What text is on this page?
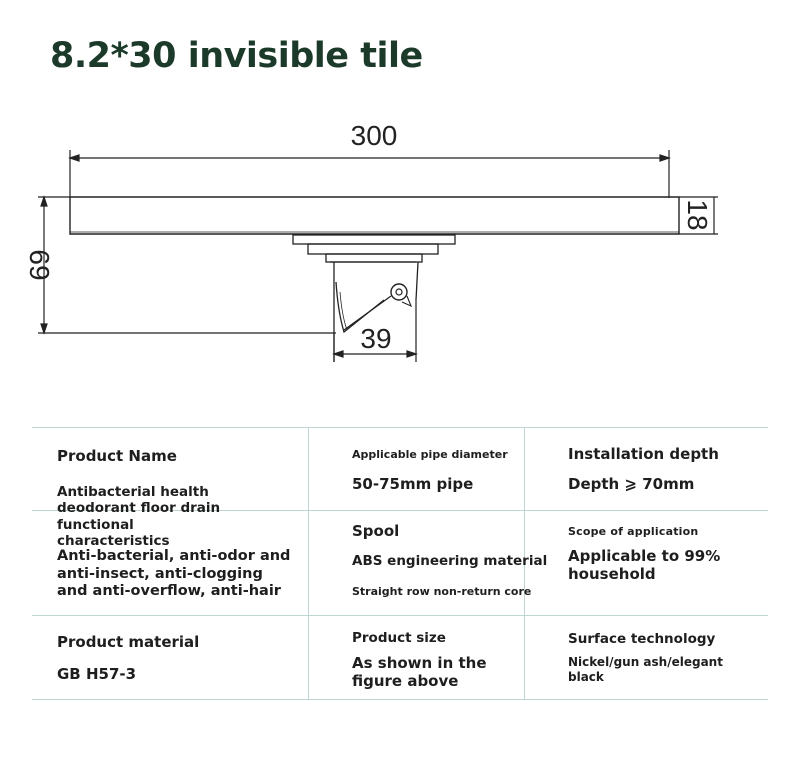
8.2*30 invisible tile
300
69
18
39
Product Name
Antibacterial health deodorant floor drain functional characteristics
Anti-bacterial, anti-odor and anti-insect, anti-clogging and anti-overflow, anti-hair
Product material
GB H57-3
Applicable pipe diameter
50-75mm pipe
Spool
ABS engineering material
Straight row non-return core
Product size
As shown in the figure above
Installation depth
Depth ⩾ 70mm
Scope of application
Applicable to 99% household
Surface technology
Nickel/gun ash/elegant black
